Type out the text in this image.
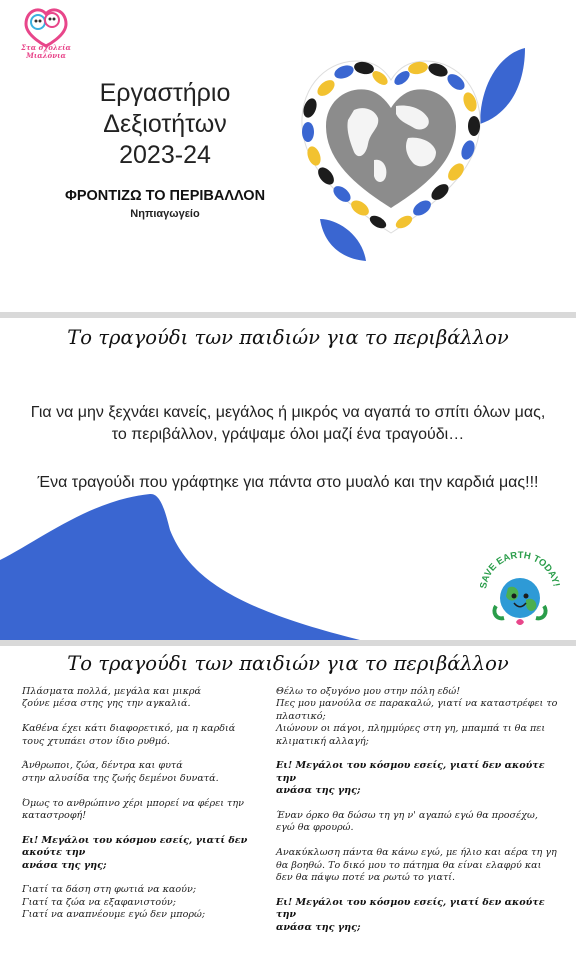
Στα σχολεία
Μιαλόνια
Εργαστήριο
Δεξιοτήτων
2023-24
ΦΡΟΝΤΙΖΩ ΤΟ ΠΕΡΙΒΑΛΛΟΝ
Νηπιαγωγείο
Το τραγούδι των παιδιών για το περιβάλλον
Για να μην ξεχνάει κανείς, μεγάλος ή μικρός να αγαπά το σπίτι όλων μας, το περιβάλλον, γράψαμε όλοι μαζί ένα τραγούδι…
Ένα τραγούδι που γράφτηκε για πάντα στο μυαλό και την καρδιά μας!!!
SAVE EARTH TODAY!
Το τραγούδι των παιδιών για το περιβάλλον

Πλάσματα πολλά, μεγάλα και μικρά
ζούνε μέσα στης γης την αγκαλιά.

Καθένα έχει κάτι διαφορετικό, μα η καρδιά
τους χτυπάει στον ίδιο ρυθμό.

Άνθρωποι, ζώα, δέντρα και φυτά
στην αλυσίδα της ζωής δεμένοι δυνατά.

Όμως το ανθρώπινο χέρι μπορεί να φέρει την
καταστροφή!

Ει! Μεγάλοι του κόσμου εσείς, γιατί δεν ακούτε την
ανάσα της γης;

Γιατί τα δάση στη φωτιά να καούν;
Γιατί τα ζώα να εξαφανιστούν;
Γιατί να αναπνέουμε εγώ δεν μπορώ;

Θέλω το οξυγόνο μου στην πόλη εδώ!
Πες μου μανούλα σε παρακαλώ, γιατί να καταστρέφει το
πλαστικό;
Λιώνουν οι πάγοι, πλημμύρες στη γη, μπαμπά τι θα πει
κλιματική αλλαγή;

Ει! Μεγάλοι του κόσμου εσείς, γιατί δεν ακούτε την
ανάσα της γης;

Έναν όρκο θα δώσω τη γη ν' αγαπώ εγώ θα προσέχω,
εγώ θα φρουρώ.

Ανακύκλωση πάντα θα κάνω εγώ, με ήλιο και αέρα τη γη
θα βοηθώ. Το δικό μου το πάτημα θα είναι ελαφρύ και
δεν θα πάψω ποτέ να ρωτώ το γιατί.

Ει! Μεγάλοι του κόσμου εσείς, γιατί δεν ακούτε την
ανάσα της γης;

www.ecoschools.g
